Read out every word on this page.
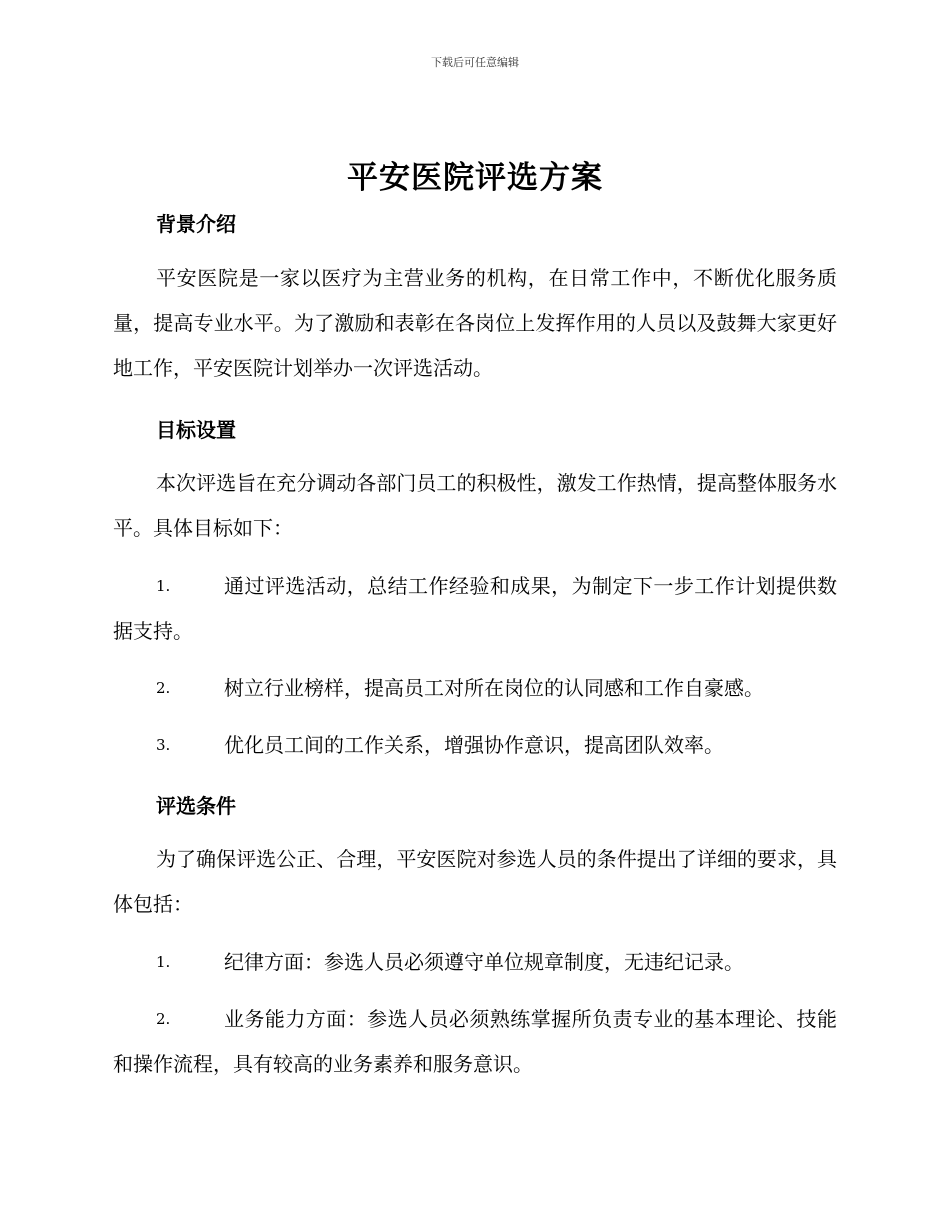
下载后可任意编辑
平安医院评选方案
背景介绍
平安医院是一家以医疗为主营业务的机构，在日常工作中，不断优化服务质量，提高专业水平。为了激励和表彰在各岗位上发挥作用的人员以及鼓舞大家更好地工作，平安医院计划举办一次评选活动。
目标设置
本次评选旨在充分调动各部门员工的积极性，激发工作热情，提高整体服务水平。具体目标如下：
1.	通过评选活动，总结工作经验和成果，为制定下一步工作计划提供数据支持。
2.	树立行业榜样，提高员工对所在岗位的认同感和工作自豪感。
3.	优化员工间的工作关系，增强协作意识，提高团队效率。
评选条件
为了确保评选公正、合理，平安医院对参选人员的条件提出了详细的要求，具体包括：
1.	纪律方面：参选人员必须遵守单位规章制度，无违纪记录。
2.	业务能力方面：参选人员必须熟练掌握所负责专业的基本理论、技能和操作流程，具有较高的业务素养和服务意识。
